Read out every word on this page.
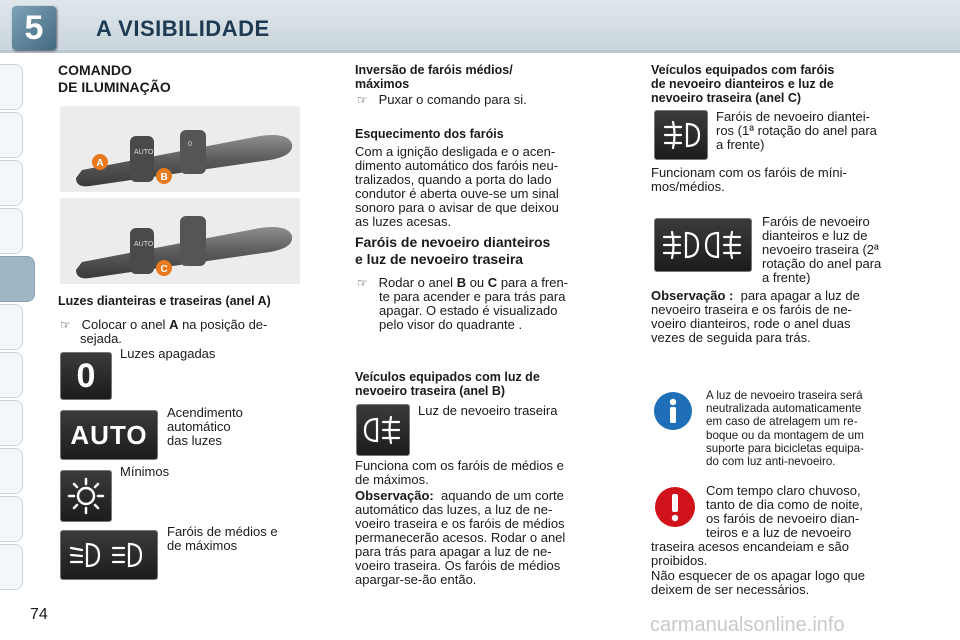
5	A VISIBILIDADE
COMANDO
DE ILUMINAÇÃO
AUTO
0
A
B
AUTO
C
Luzes dianteiras e traseiras (anel A)
☞ Colocar o anel A na posição de-
sejada.
Luzes apagadas
0
AUTO
Acendimento
automático
das luzes
Mínimos
Faróis de médios e
de máximos
Inversão de faróis médios/
máximos
☞ Puxar o comando para si.
Esquecimento dos faróis
Com a ignição desligada e o acen-
dimento automático dos faróis neu-
tralizados, quando a porta do lado
condutor é aberta ouve-se um sinal
sonoro para o avisar de que deixou
as luzes acesas.
Faróis de nevoeiro dianteiros
e luz de nevoeiro traseira
☞ Rodar o anel B ou C para a fren-
te para acender e para trás para
apagar. O estado é visualizado
pelo visor do quadrante .
Veículos equipados com luz de
nevoeiro traseira (anel B)
Luz de nevoeiro traseira
Funciona com os faróis de médios e
de máximos.
Observação: aquando de um corte
automático das luzes, a luz de ne-
voeiro traseira e os faróis de médios
permanecerão acesos. Rodar o anel
para trás para apagar a luz de ne-
voeiro traseira. Os faróis de médios
apargar-se-ão então.
Veículos equipados com faróis
de nevoeiro dianteiros e luz de
nevoeiro traseira (anel C)
Faróis de nevoeiro diantei-
ros (1ª rotação do anel para
a frente)
Funcionam com os faróis de míni-
mos/médios.
Faróis de nevoeiro
dianteiros e luz de
nevoeiro traseira (2ª
rotação do anel para
a frente)
Observação : para apagar a luz de
nevoeiro traseira e os faróis de ne-
voeiro dianteiros, rode o anel duas
vezes de seguida para trás.
A luz de nevoeiro traseira será
neutralizada automaticamente
em caso de atrelagem um re-
boque ou da montagem de um
suporte para bicicletas equipa-
do com luz anti-nevoeiro.
Com tempo claro chuvoso,
tanto de dia como de noite,
os faróis de nevoeiro dian-
teiros e a luz de nevoeiro
traseira acesos encandeiam e são
proibidos.
Não esquecer de os apagar logo que
deixem de ser necessários.
74	carmanualsonline.info
